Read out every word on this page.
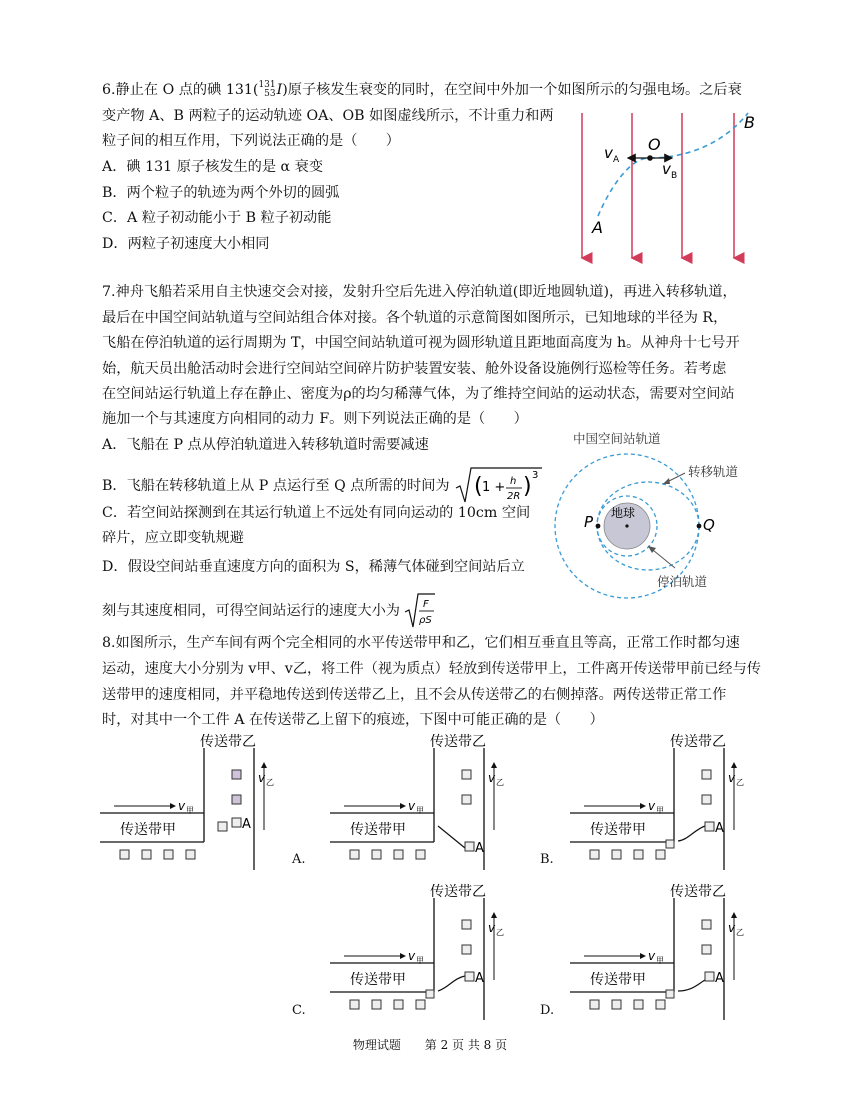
6.静止在 O 点的碘 131( 131
53 I)原子核发生衰变的同时，在空间中外加一个如图所示的匀强电场。之后衰
变产物 A、B 两粒子的运动轨迹 OA、OB 如图虚线所示，不计重力和两
粒子间的相互作用，下列说法正确的是（　　）
A．碘 131 原子核发生的是 α 衰变
B．两个粒子的轨迹为两个外切的圆弧
C．A 粒子初动能小于 B 粒子初动能
D．两粒子初速度大小相同
v A
O
v B
B
A
7.神舟飞船若采用自主快速交会对接，发射升空后先进入停泊轨道(即近地圆轨道)，再进入转移轨道，
最后在中国空间站轨道与空间站组合体对接。各个轨道的示意简图如图所示，已知地球的半径为 R，
飞船在停泊轨道的运行周期为 T，中国空间站轨道可视为圆形轨道且距地面高度为 h。从神舟十七号开
始，航天员出舱活动时会进行空间站空间碎片防护装置安装、舱外设备设施例行巡检等任务。若考虑
在空间站运行轨道上存在静止、密度为ρ的均匀稀薄气体，为了维持空间站的运动状态，需要对空间站
施加一个与其速度方向相同的动力 F。则下列说法正确的是（　　）
A．飞船在 P 点从停泊轨道进入转移轨道时需要减速
B．飞船在转移轨道上从 P 点运行至 Q 点所需的时间为 ( 1 + h
2R ) 3
C．若空间站探测到在其运行轨道上不远处有同向运动的 10cm 空间
碎片，应立即变轨规避
D．假设空间站垂直速度方向的面积为 S，稀薄气体碰到空间站后立
刻与其速度相同，可得空间站运行的速度大小为 F
ρS
中国空间站轨道
地球
P	Q
转移轨道
停泊轨道
8.如图所示，生产车间有两个完全相同的水平传送带甲和乙，它们相互垂直且等高，正常工作时都匀速
运动，速度大小分别为 v甲、v乙，将工件（视为质点）轻放到传送带甲上，工件离开传送带甲前已经与传
送带甲的速度相同，并平稳地传送到传送带乙上，且不会从传送带乙的右侧掉落。两传送带正常工作
时，对其中一个工件 A 在传送带乙上留下的痕迹，下图中可能正确的是（　　）
传送带乙
传送带甲
v 甲
v 乙
A
传送带乙
传送带甲
v 甲
v 乙
A
传送带乙
传送带甲
v 甲
v 乙
A
传送带乙
传送带甲
v 甲
v 乙
A
传送带乙
传送带甲
v 甲
v 乙
A
A.	B.
C.	D.
物理试题 第 2 页 共 8 页
